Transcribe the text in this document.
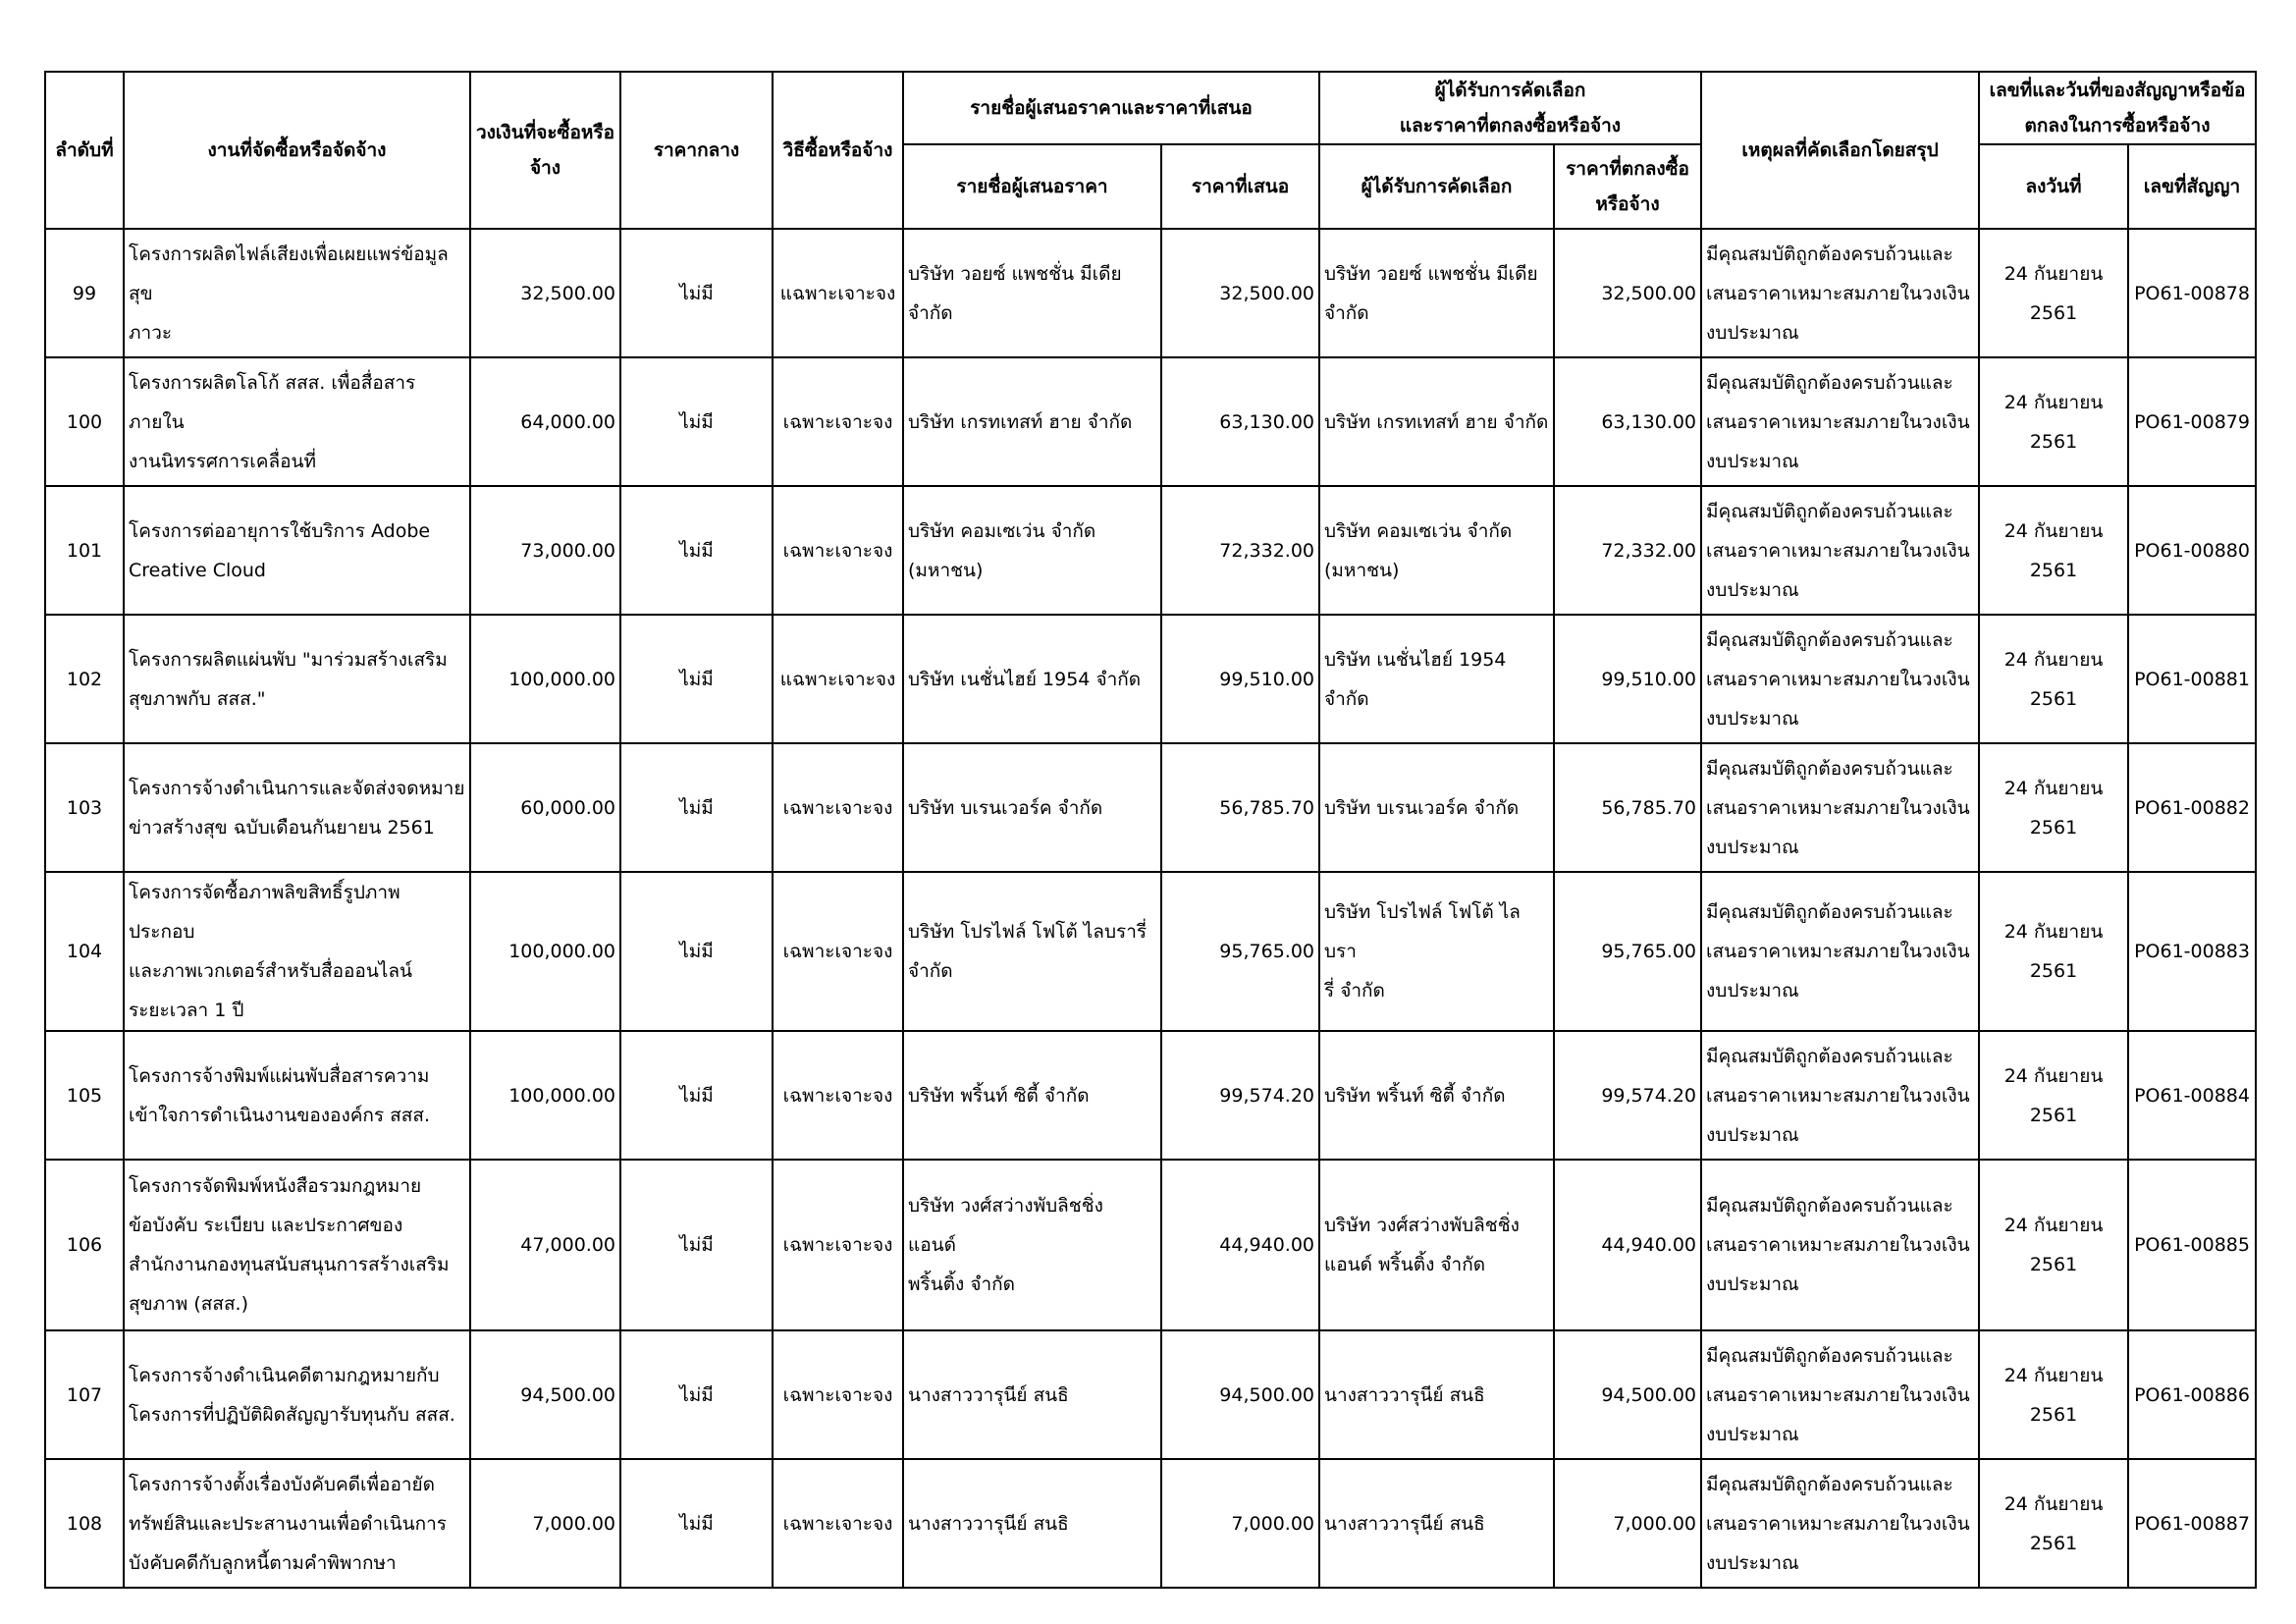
ลำดับที่	งานที่จัดซื้อหรือจัดจ้าง	วงเงินที่จะซื้อหรือจ้าง	ราคากลาง	วิธีซื้อหรือจ้าง	รายชื่อผู้เสนอราคาและราคาที่เสนอ		ผู้ได้รับการคัดเลือก
และราคาที่ตกลงซื้อหรือจ้าง		เหตุผลที่คัดเลือกโดยสรุป	เลขที่และวันที่ของสัญญาหรือข้อตกลงในการซื้อหรือจ้าง	
					รายชื่อผู้เสนอราคา	ราคาที่เสนอ	ผู้ได้รับการคัดเลือก	ราคาที่ตกลงซื้อหรือจ้าง		ลงวันที่	เลขที่สัญญา
99	โครงการผลิตไฟล์เสียงเพื่อเผยแพร่ข้อมูลสุข
ภาวะ	32,500.00	ไม่มี	แฉพาะเจาะจง	บริษัท วอยซ์ แพชชั่น มีเดีย
จำกัด	32,500.00	บริษัท วอยซ์ แพชชั่น มีเดีย
จำกัด	32,500.00	มีคุณสมบัติถูกต้องครบถ้วนและ
เสนอราคาเหมาะสมภายในวงเงิน
งบประมาณ	24 กันยายน 2561	PO61-00878
100	โครงการผลิตโลโก้ สสส. เพื่อสื่อสารภายใน
งานนิทรรศการเคลื่อนที่	64,000.00	ไม่มี	เฉพาะเจาะจง	บริษัท เกรทเทสท์ ฮาย จำกัด	63,130.00	บริษัท เกรทเทสท์ ฮาย จำกัด	63,130.00	มีคุณสมบัติถูกต้องครบถ้วนและ
เสนอราคาเหมาะสมภายในวงเงิน
งบประมาณ	24 กันยายน 2561	PO61-00879
101	โครงการต่ออายุการใช้บริการ Adobe
Creative Cloud	73,000.00	ไม่มี	เฉพาะเจาะจง	บริษัท คอมเซเว่น จำกัด
(มหาชน)	72,332.00	บริษัท คอมเซเว่น จำกัด
(มหาชน)	72,332.00	มีคุณสมบัติถูกต้องครบถ้วนและ
เสนอราคาเหมาะสมภายในวงเงิน
งบประมาณ	24 กันยายน 2561	PO61-00880
102	โครงการผลิตแผ่นพับ "มาร่วมสร้างเสริม
สุขภาพกับ สสส."	100,000.00	ไม่มี	แฉพาะเจาะจง	บริษัท เนชั่นไฮย์ 1954 จำกัด	99,510.00	บริษัท เนชั่นไฮย์ 1954 จำกัด	99,510.00	มีคุณสมบัติถูกต้องครบถ้วนและ
เสนอราคาเหมาะสมภายในวงเงิน
งบประมาณ	24 กันยายน 2561	PO61-00881
103	โครงการจ้างดำเนินการและจัดส่งจดหมาย
ข่าวสร้างสุข ฉบับเดือนกันยายน 2561	60,000.00	ไม่มี	เฉพาะเจาะจง	บริษัท บเรนเวอร์ค จำกัด	56,785.70	บริษัท บเรนเวอร์ค จำกัด	56,785.70	มีคุณสมบัติถูกต้องครบถ้วนและ
เสนอราคาเหมาะสมภายในวงเงิน
งบประมาณ	24 กันยายน 2561	PO61-00882
104	โครงการจัดซื้อภาพลิขสิทธิ์รูปภาพประกอบ
และภาพเวกเตอร์สำหรับสื่อออนไลน์
ระยะเวลา 1 ปี	100,000.00	ไม่มี	เฉพาะเจาะจง	บริษัท โปรไฟล์ โฟโต้ ไลบรารี่
จำกัด	95,765.00	บริษัท โปรไฟล์ โฟโต้ ไลบรา
รี่ จำกัด	95,765.00	มีคุณสมบัติถูกต้องครบถ้วนและ
เสนอราคาเหมาะสมภายในวงเงิน
งบประมาณ	24 กันยายน 2561	PO61-00883
105	โครงการจ้างพิมพ์แผ่นพับสื่อสารความ
เข้าใจการดำเนินงานขององค์กร สสส.	100,000.00	ไม่มี	เฉพาะเจาะจง	บริษัท พริ้นท์ ซิตี้ จำกัด	99,574.20	บริษัท พริ้นท์ ซิตี้ จำกัด	99,574.20	มีคุณสมบัติถูกต้องครบถ้วนและ
เสนอราคาเหมาะสมภายในวงเงิน
งบประมาณ	24 กันยายน 2561	PO61-00884
106	โครงการจัดพิมพ์หนังสือรวมกฎหมาย
ข้อบังคับ ระเบียบ และประกาศของ
สำนักงานกองทุนสนับสนุนการสร้างเสริม
สุขภาพ (สสส.)	47,000.00	ไม่มี	เฉพาะเจาะจง	บริษัท วงศ์สว่างพับลิชชิ่ง แอนด์
พริ้นติ้ง จำกัด	44,940.00	บริษัท วงศ์สว่างพับลิชชิ่ง
แอนด์ พริ้นติ้ง จำกัด	44,940.00	มีคุณสมบัติถูกต้องครบถ้วนและ
เสนอราคาเหมาะสมภายในวงเงิน
งบประมาณ	24 กันยายน 2561	PO61-00885
107	โครงการจ้างดำเนินคดีตามกฎหมายกับ
โครงการที่ปฏิบัติผิดสัญญารับทุนกับ สสส.	94,500.00	ไม่มี	เฉพาะเจาะจง	นางสาววารุนีย์ สนธิ	94,500.00	นางสาววารุนีย์ สนธิ	94,500.00	มีคุณสมบัติถูกต้องครบถ้วนและ
เสนอราคาเหมาะสมภายในวงเงิน
งบประมาณ	24 กันยายน 2561	PO61-00886
108	โครงการจ้างตั้งเรื่องบังคับคดีเพื่ออายัด
ทรัพย์สินและประสานงานเพื่อดำเนินการ
บังคับคดีกับลูกหนี้ตามคำพิพากษา	7,000.00	ไม่มี	เฉพาะเจาะจง	นางสาววารุนีย์ สนธิ	7,000.00	นางสาววารุนีย์ สนธิ	7,000.00	มีคุณสมบัติถูกต้องครบถ้วนและ
เสนอราคาเหมาะสมภายในวงเงิน
งบประมาณ	24 กันยายน 2561	PO61-00887
